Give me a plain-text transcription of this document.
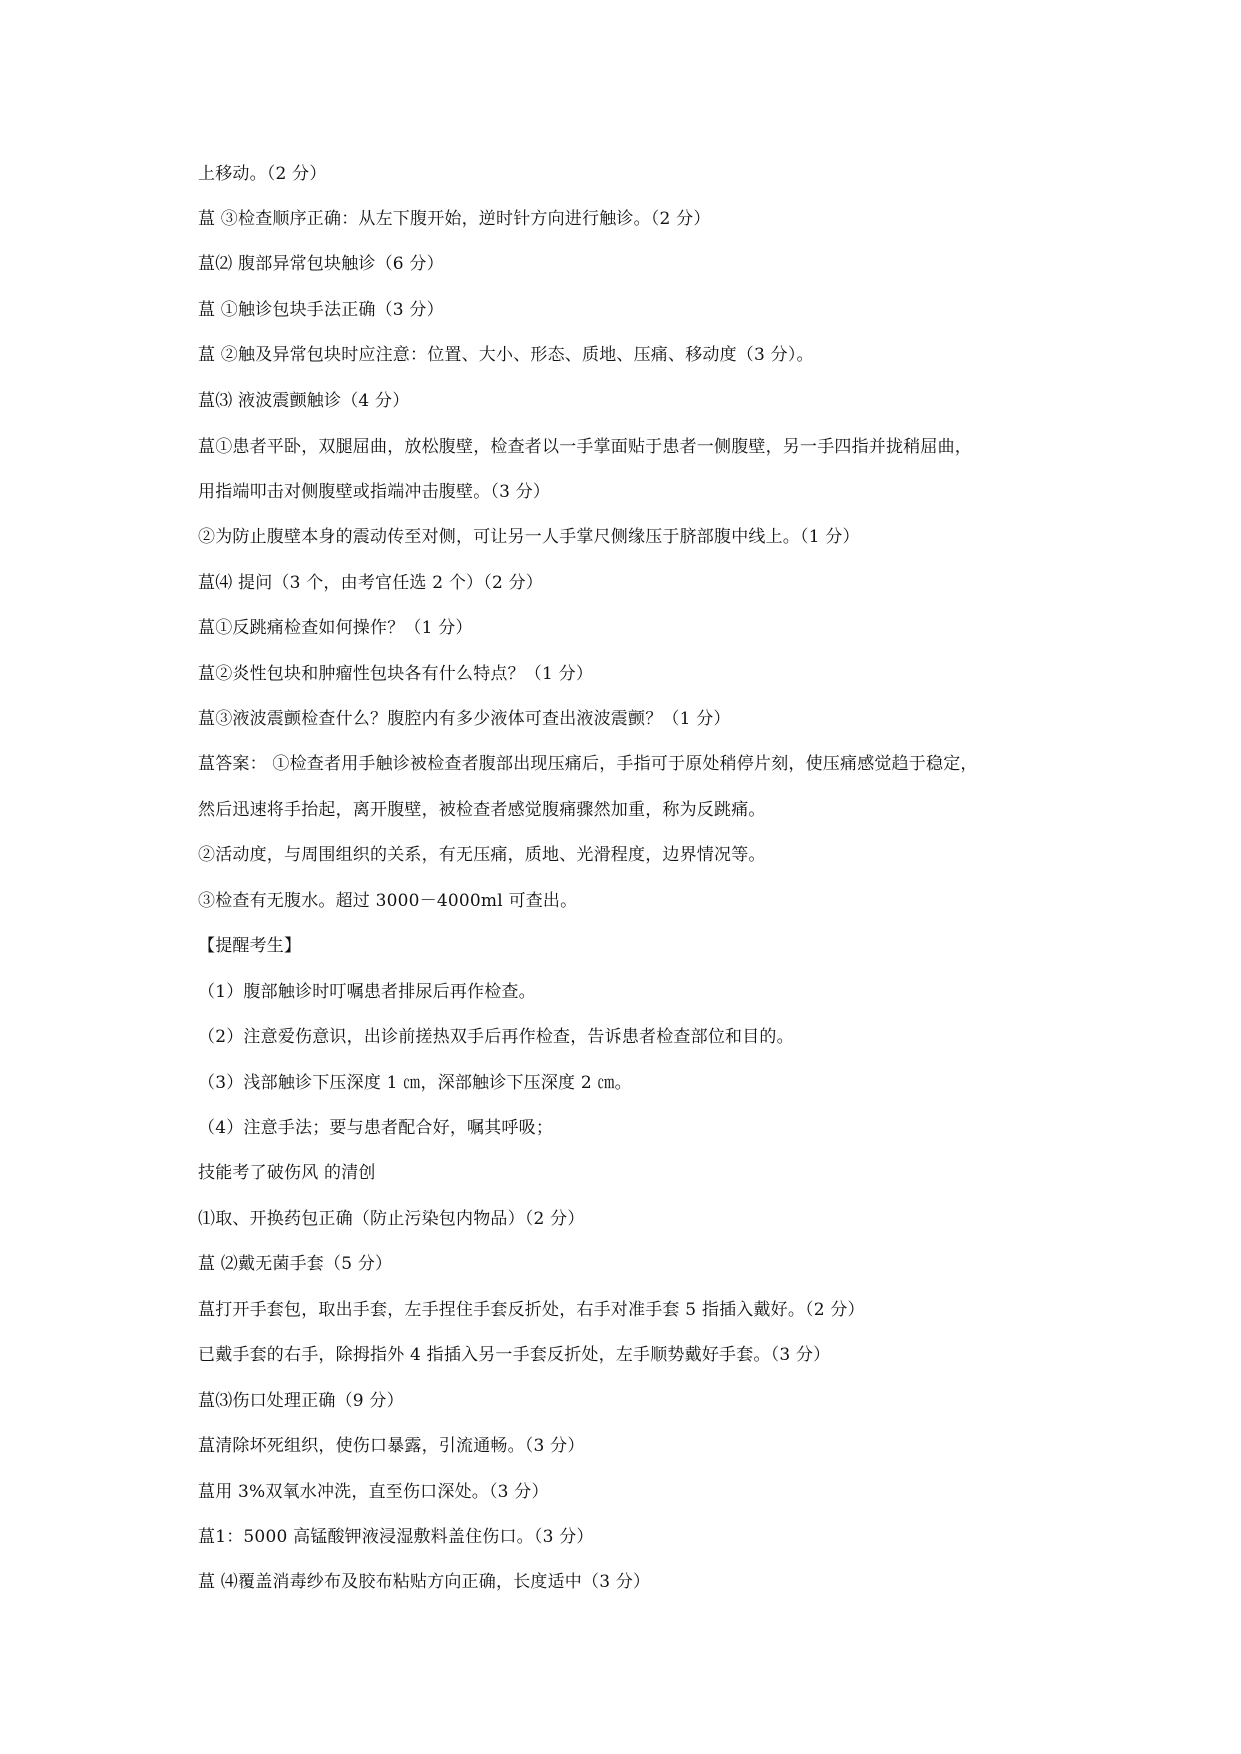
上移动。（2 分）
蒀 ③检查顺序正确：从左下腹开始，逆时针方向进行触诊。（2 分）
蒀⑵ 腹部异常包块触诊（6 分）
蒀 ①触诊包块手法正确（3 分）
蒀 ②触及异常包块时应注意：位置、大小、形态、质地、压痛、移动度（3 分）。
蒀⑶ 液波震颤触诊（4 分）
蒀①患者平卧，双腿屈曲，放松腹壁，检查者以一手掌面贴于患者一侧腹壁，另一手四指并拢稍屈曲，
用指端叩击对侧腹壁或指端冲击腹壁。（3 分）
②为防止腹壁本身的震动传至对侧，可让另一人手掌尺侧缘压于脐部腹中线上。（1 分）
蒀⑷ 提问（3 个，由考官任选 2 个）（2 分）
蒀①反跳痛检查如何操作？（1 分）
蒀②炎性包块和肿瘤性包块各有什么特点？（1 分）
蒀③液波震颤检查什么？腹腔内有多少液体可查出液波震颤？（1 分）
蒀答案： ①检查者用手触诊被检查者腹部出现压痛后，手指可于原处稍停片刻，使压痛感觉趋于稳定，
然后迅速将手抬起，离开腹壁，被检查者感觉腹痛骤然加重，称为反跳痛。
②活动度，与周围组织的关系，有无压痛，质地、光滑程度，边界情况等。
③检查有无腹水。超过 3000－4000ml 可查出。
【提醒考生】
（1）腹部触诊时叮嘱患者排尿后再作检查。
（2）注意爱伤意识，出诊前搓热双手后再作检查，告诉患者检查部位和目的。
（3）浅部触诊下压深度 1 ㎝，深部触诊下压深度 2 ㎝。
（4）注意手法；要与患者配合好，嘱其呼吸；
技能考了破伤风 的清创
⑴取、开换药包正确（防止污染包内物品）（2 分）
蒀 ⑵戴无菌手套（5 分）
蒀打开手套包，取出手套，左手捏住手套反折处，右手对准手套 5 指插入戴好。（2 分）
已戴手套的右手，除拇指外 4 指插入另一手套反折处，左手顺势戴好手套。（3 分）
蒀⑶伤口处理正确（9 分）
蒀清除坏死组织，使伤口暴露，引流通畅。（3 分）
蒀用 3%双氧水冲洗，直至伤口深处。（3 分）
蒀1：5000 高锰酸钾液浸湿敷料盖住伤口。（3 分）
蒀 ⑷覆盖消毒纱布及胶布粘贴方向正确，长度适中（3 分）
